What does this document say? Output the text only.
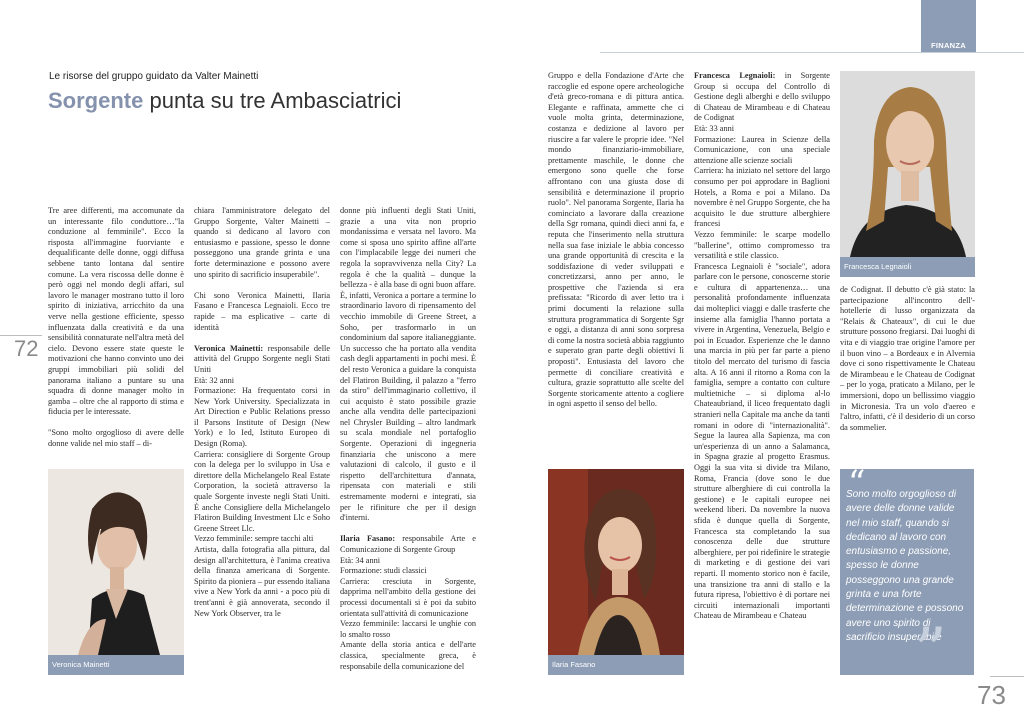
FINANZA
Le risorse del gruppo guidato da Valter Mainetti
Sorgente punta su tre Ambasciatrici
72
73

Tre aree differenti, ma accomunate da un interessante filo conduttore…"la conduzione al femminile". Ecco la risposta all'immagine fuorviante e dequalificante delle donne, oggi diffusa sebbene tanto lontana dal sentire comune. La vera riscossa delle donne è però oggi nel mondo degli affari, sul lavoro le manager mostrano tutto il loro spirito di iniziativa, arricchito da una verve nella gestione efficiente, spesso influenzata dalla creatività e da una sensibilità connaturate nell'altra metà del cielo. Devono essere state queste le motivazioni che hanno convinto uno dei gruppi immobiliari più solidi del panorama italiano a puntare su una squadra di donne manager molto in gamba – oltre che al rapporto di stima e fiducia per le interessate.

"Sono molto orgoglioso di avere delle donne valide nel mio staff – di-

Veronica Mainetti

chiara l'amministratore delegato del Gruppo Sorgente, Valter Mainetti – quando si dedicano al lavoro con entusiasmo e passione, spesso le donne posseggono una grande grinta e una forte determinazione e possono avere uno spirito di sacrificio insuperabile".

Chi sono Veronica Mainetti, Ilaria Fasano e Francesca Legnaioli. Ecco tre rapide – ma esplicative – carte di identità

Veronica Mainetti: responsabile delle attività del Gruppo Sorgente negli Stati Uniti
Età: 32 anni
Formazione: Ha frequentato corsi in New York University. Specializzata in Art Direction e Public Relations presso il Parsons Institute of Design (New York) e lo Ied, Istituto Europeo di Design (Roma).
Carriera: consigliere di Sorgente Group con la delega per lo sviluppo in Usa e direttore della Michelangelo Real Estate Corporation, la società attraverso la quale Sorgente investe negli Stati Uniti. È anche Consigliere della Michelangelo Flatiron Building Investment Llc e Soho Greene Street Llc.
Vezzo femminile: sempre tacchi alti
Artista, dalla fotografia alla pittura, dal design all'architettura, è l'anima creativa della finanza americana di Sorgente. Spirito da pioniera – pur essendo italiana vive a New York da anni - a poco più di trent'anni è già annoverata, secondo il New York Observer, tra le

donne più influenti degli Stati Uniti, grazie a una vita non proprio mondanissima e versata nel lavoro. Ma come si sposa uno spirito affine all'arte con l'implacabile legge dei numeri che regola la sopravvivenza nella City? La regola è che la qualità – dunque la bellezza - è alla base di ogni buon affare.
È, infatti, Veronica a portare a termine lo straordinario lavoro di ripensamento del vecchio immobile di Greene Street, a Soho, per trasformarlo in un condominium dal sapore italianeggiante. Un successo che ha portato alla vendita cash degli appartamenti in pochi mesi. È del resto Veronica a guidare la conquista del Flatiron Building, il palazzo a "ferro da stiro" dell'immaginario collettivo, il cui acquisto è stato possibile grazie anche alla vendita delle partecipazioni nel Chrysler Building – altro landmark su scala mondiale nel portafoglio Sorgente. Operazioni di ingegneria finanziaria che uniscono a mere valutazioni di calcolo, il gusto e il rispetto dell'architettura d'annata, ripensata con materiali e stili estremamente moderni e integrati, sia per le rifiniture che per il design d'interni.

Ilaria Fasano: responsabile Arte e Comunicazione di Sorgente Group
Età: 34 anni
Formazione: studi classici
Carriera: cresciuta in Sorgente, dapprima nell'ambito della gestione dei processi documentali si è poi da subito orientata sull'attività di comunicazione
Vezzo femminile: laccarsi le unghie con lo smalto rosso
Amante della storia antica e dell'arte classica, specialmente greca, è responsabile della comunicazione del

Gruppo e della Fondazione d'Arte che raccoglie ed espone opere archeologiche d'età greco-romana e di pittura antica. Elegante e raffinata, ammette che ci vuole molta grinta, determinazione, costanza e dedizione al lavoro per riuscire a far valere le proprie idee. "Nel mondo finanziario-immobiliare, prettamente maschile, le donne che emergono sono quelle che forse affrontano con una giusta dose di sensibilità e determinazione il proprio ruolo". Nel panorama Sorgente, Ilaria ha cominciato a lavorare dalla creazione della Sgr romana, quindi dieci anni fa, e reputa che l'inserimento nella struttura nella sua fase iniziale le abbia concesso una grande opportunità di crescita e la soddisfazione di veder sviluppati e concretizzarsi, anno per anno, le prospettive che l'azienda si era prefissata: "Ricordo di aver letto tra i primi documenti la relazione sulla struttura programmatica di Sorgente Sgr e oggi, a distanza di anni sono sorpresa di come la nostra società abbia raggiunto e superato gran parte degli obiettivi lì proposti". Entusiasta del lavoro che permette di conciliare creatività e cultura, grazie soprattutto alle scelte del Sorgente storicamente attento a cogliere in ogni aspetto il senso del bello.

Ilaria Fasano

Francesca Legnaioli: in Sorgente Group si occupa del Controllo di Gestione degli alberghi e dello sviluppo di Chateau de Mirambeau e di Chateau de Codignat
Età: 33 anni
Formazione: Laurea in Scienze della Comunicazione, con una speciale attenzione alle scienze sociali
Carriera: ha iniziato nel settore del largo consumo per poi approdare in Baglioni Hotels, a Roma e poi a Milano. Da novembre è nel Gruppo Sorgente, che ha acquisito le due strutture alberghiere francesi
Vezzo femminile: le scarpe modello "ballerine", ottimo compromesso tra versatilità e stile classico.
Francesca Legnaioli è "sociale", adora parlare con le persone, conoscerne storie e cultura di appartenenza… una personalità profondamente influenzata dai molteplici viaggi e dalle trasferte che insieme alla famiglia l'hanno portata a vivere in Argentina, Venezuela, Belgio e poi in Ecuador. Esperienze che le danno una marcia in più per far parte a pieno titolo del mercato del turismo di fascia alta. A 16 anni il ritorno a Roma con la famiglia, sempre a contatto con culture multietniche – si diploma al-lo Chateaubriand, il liceo frequentato dagli stranieri nella Capitale ma anche da tanti romani in odore di "internazionalità". Segue la laurea alla Sapienza, ma con un'esperienza di un anno a Salamanca, in Spagna grazie al progetto Erasmus. Oggi la sua vita si divide tra Milano, Roma, Francia (dove sono le due strutture alberghiere di cui controlla la gestione) e le capitali europee nei weekend liberi. Da novembre la nuova sfida è dunque quella di Sorgente, Francesca sta completando la sua conoscenza delle due strutture alberghiere, per poi ridefinire le strategie di marketing e di gestione dei vari reparti. Il momento storico non è facile, una transizione tra anni di stallo e la futura ripresa, l'obiettivo è di portare nei circuiti internazionali importanti Chateau de Mirambeau e Chateau

Francesca Legnaioli

de Codignat. Il debutto c'è già stato: la partecipazione all'incontro dell'-hotellerie di lusso organizzata da "Relais & Chateaux", di cui le due strutture possono fregiarsi. Dai luoghi di vita e di viaggio trae origine l'amore per il buon vino – a Bordeaux e in Alvernia dove ci sono rispettivamente le Chateau de Mirambeau e le Chateau de Codignat – per lo yoga, praticato a Milano, per le immersioni, dopo un bellissimo viaggio in Micronesia. Tra un volo d'aereo e l'altro, infatti, c'è il desiderio di un corso da sommelier.

“
Sono molto orgoglioso di avere delle donne valide nel mio staff, quando si dedicano al lavoro con entusiasmo e passione, spesso le donne posseggono una grande grinta e una forte determinazione e possono avere uno spirito di sacrificio insuperabile
”
